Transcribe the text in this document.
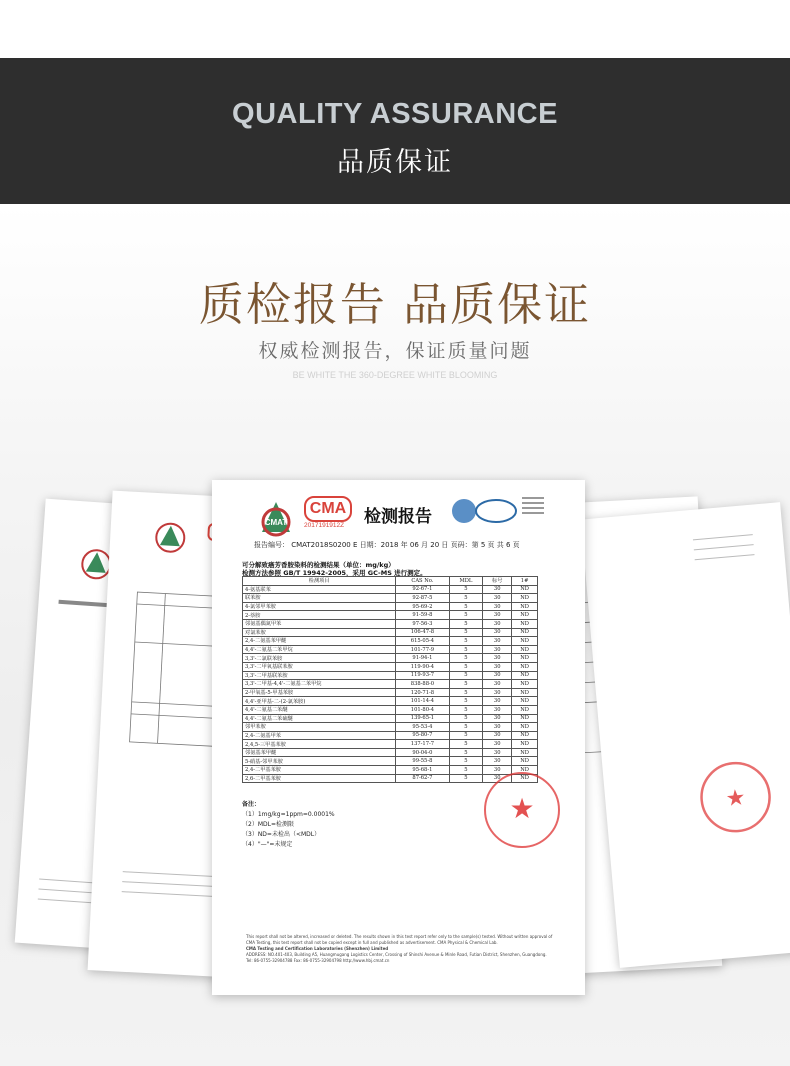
QUALITY ASSURANCE
品质保证
质检报告 品质保证
权威检测报告，保证质量问题
BE WHITE THE 360-DEGREE WHITE BLOOMING
★
CMAT
CMA
2017191912Z 检测报告
报告编号： CMAT2018S0200 E 日期：2018 年 06 月 20 日 页码：第 5 页 共 6 页
可分解致癌芳香胺染料的检测结果（单位：mg/kg）
检测方法参照 GB/T 19942-2005，采用 GC-MS 进行测定。
检测项目	CAS No.	MDL	标号	1#
4-氨基联苯	92-67-1	5	30	ND
联苯胺	92-87-5	5	30	ND
4-氯邻甲苯胺	95-69-2	5	30	ND
2-萘胺	91-59-8	5	30	ND
邻氨基偶氮甲苯	97-56-3	5	30	ND
对氯苯胺	106-47-8	5	30	ND
2,4-二氨基苯甲醚	615-05-4	5	30	ND
4,4'-二氨基二苯甲烷	101-77-9	5	30	ND
3,3'-二氯联苯胺	91-94-1	5	30	ND
3,3'-二甲氧基联苯胺	119-90-4	5	30	ND
3,3'-二甲基联苯胺	119-93-7	5	30	ND
3,3'-二甲基-4,4'-二氨基二苯甲烷	838-88-0	5	30	ND
2-甲氧基-5-甲基苯胺	120-71-8	5	30	ND
4,4'-亚甲基-二-(2-氯苯胺)	101-14-4	5	30	ND
4,4'-二氨基二苯醚	101-80-4	5	30	ND
4,4'-二氨基二苯硫醚	139-65-1	5	30	ND
邻甲苯胺	95-53-4	5	30	ND
2,4-二氨基甲苯	95-80-7	5	30	ND
2,4,5-三甲基苯胺	137-17-7	5	30	ND
邻氨基苯甲醚	90-04-0	5	30	ND
5-硝基-邻甲苯胺	99-55-8	5	30	ND
2,4-二甲基苯胺	95-68-1	5	30	ND
2,6-二甲基苯胺	87-62-7	5	30	ND
备注：
（1）1mg/kg=1ppm=0.0001%
（2）MDL=检测限
（3）ND=未检出（<MDL）
（4）"—"=未规定
★
This report shall not be altered, increased or deleted. The results shown in this test report refer only to the sample(s) tested. Without written approval of CMA Testing, this test report shall not be copied except in full and published as advertisement. CMA Physical & Chemical Lab.
CMA Testing and Certification Laboratories (Shenzhen) Limited
ADDRESS: NO.401-403, Building A5, Huangmugang Logistics Center, Crossing of Shinshi Avenue & Minle Road, Futian District, Shenzhen, Guangdong.
Tel: 86-0755-32904788 Fax: 86-0755-32904798 http://www.hbj.cmat.cn
